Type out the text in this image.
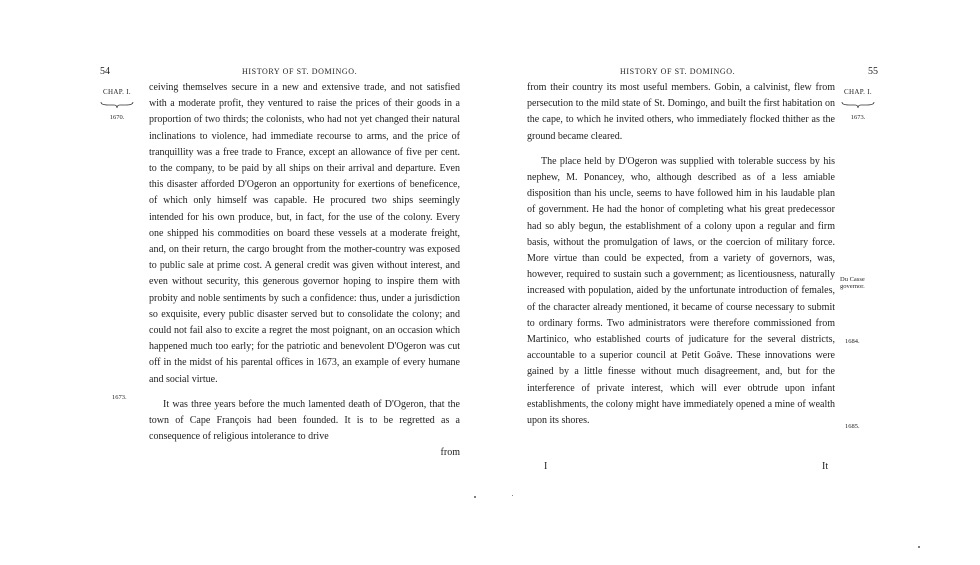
54	HISTORY OF ST. DOMINGO.
CHAP. I.
1670.

ceiving themselves secure in a new and extensive trade, and not satisfied with a moderate profit, they ventured to raise the prices of their goods in a proportion of two thirds; the colonists, who had not yet changed their natural inclinations to violence, had immediate recourse to arms, and the price of tranquillity was a free trade to France, except an allowance of five per cent. to the company, to be paid by all ships on their arrival and departure. Even this disaster afforded D'Ogeron an opportunity for exertions of beneficence, of which only himself was capable. He procured two ships seemingly intended for his own produce, but, in fact, for the use of the colony. Every one shipped his commodities on board these vessels at a moderate freight, and, on their return, the cargo brought from the mother-country was exposed to public sale at prime cost. A general credit was given without interest, and even without security, this generous governor hoping to inspire them with probity and noble sentiments by such a confidence: thus, under a jurisdiction so exquisite, every public disaster served but to consolidate the colony; and could not fail also to excite a regret the most poignant, on an occasion which happened much too early; for the patriotic and benevolent D'Ogeron was cut off in the midst of his parental offices in 1673, an example of every humane and social virtue.

It was three years before the much lamented death of D'Ogeron, that the town of Cape François had been founded. It is to be regretted as a consequence of religious intolerance to drive

from

1673.
HISTORY OF ST. DOMINGO.	55
CHAP. I.
1673.

from their country its most useful members. Gobin, a calvinist, flew from persecution to the mild state of St. Domingo, and built the first habitation on the cape, to which he invited others, who immediately flocked thither as the ground became cleared.

The place held by D'Ogeron was supplied with tolerable success by his nephew, M. Ponancey, who, although described as of a less amiable disposition than his uncle, seems to have followed him in his laudable plan of government. He had the honor of completing what his great predecessor had so ably begun, the establishment of a colony upon a regular and firm basis, without the promulgation of laws, or the coercion of military force. More virtue than could be expected, from a variety of governors, was, however, required to sustain such a government; as licentiousness, naturally increased with population, aided by the unfortunate introduction of females, of the character already mentioned, it became of course necessary to submit to ordinary forms. Two administrators were therefore commissioned from Martinico, who established courts of judicature for the several districts, accountable to a superior council at Petit Goâve. These innovations were gained by a little finesse without much disagreement, and, but for the interference of private interest, which will ever obtrude upon infant establishments, the colony might have immediately opened a mine of wealth upon its shores.

Du Casse governor.
1684.
1685.
I	It
